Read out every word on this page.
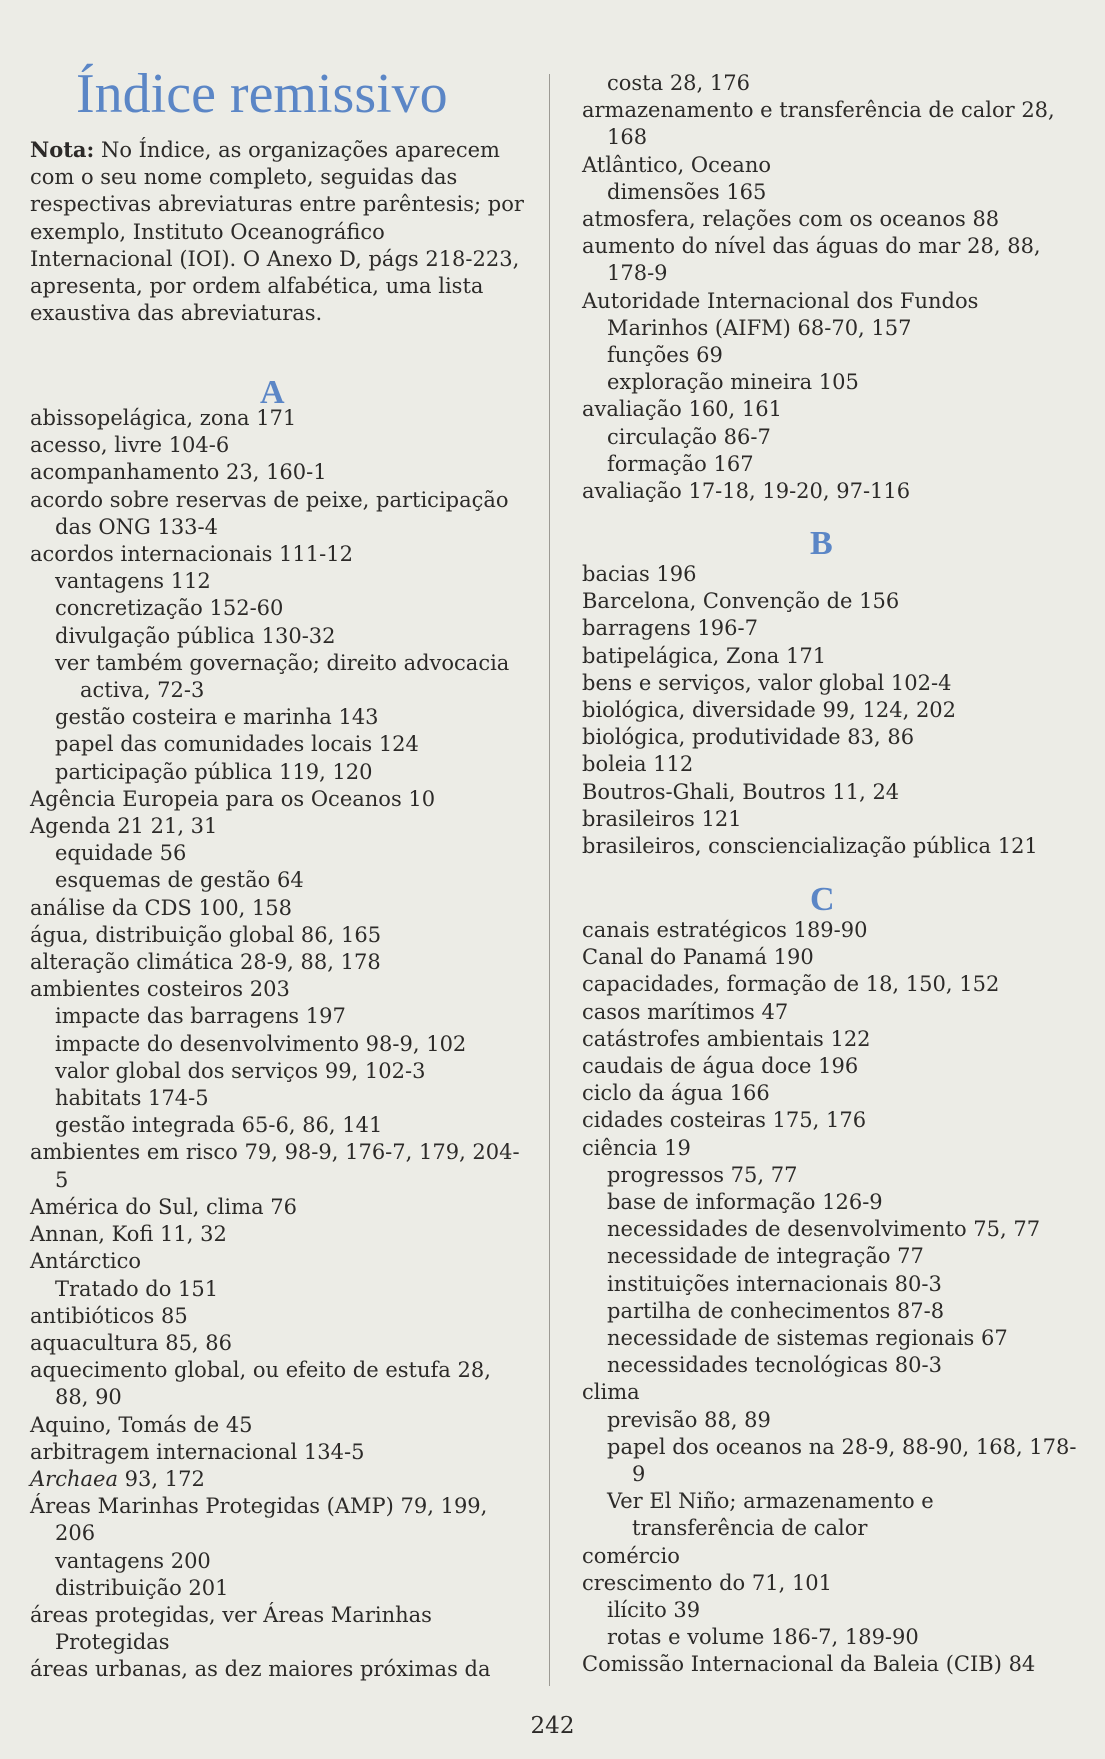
Índice remissivo
Nota: No Índice, as organizações aparecem com o seu nome completo, seguidas das respectivas abreviaturas entre parêntesis; por exemplo, Instituto Oceanográfico Internacional (IOI). O Anexo D, págs 218-223, apresenta, por ordem alfabética, uma lista exaustiva das abreviaturas.
A

abissopelágica, zona 171

acesso, livre 104-6

acompanhamento 23, 160-1

acordo sobre reservas de peixe, participação das ONG 133-4

acordos internacionais 111-12

vantagens 112

concretização 152-60

divulgação pública 130-32

ver também governação; direito advocacia activa, 72-3

gestão costeira e marinha 143

papel das comunidades locais 124

participação pública 119, 120

Agência Europeia para os Oceanos 10

Agenda 21 21, 31

equidade 56

esquemas de gestão 64

análise da CDS 100, 158

água, distribuição global 86, 165

alteração climática 28-9, 88, 178

ambientes costeiros 203

impacte das barragens 197

impacte do desenvolvimento 98-9, 102

valor global dos serviços 99, 102-3

habitats 174-5

gestão integrada 65-6, 86, 141

ambientes em risco 79, 98-9, 176-7, 179, 204-5

América do Sul, clima 76

Annan, Kofi 11, 32

Antárctico

Tratado do 151

antibióticos 85

aquacultura 85, 86

aquecimento global, ou efeito de estufa 28, 88, 90

Aquino, Tomás de 45

arbitragem internacional 134-5

Archaea 93, 172

Áreas Marinhas Protegidas (AMP) 79, 199, 206

vantagens 200

distribuição 201

áreas protegidas, ver Áreas Marinhas Protegidas

áreas urbanas, as dez maiores próximas da

costa 28, 176

armazenamento e transferência de calor 28, 168

Atlântico, Oceano

dimensões 165

atmosfera, relações com os oceanos 88

aumento do nível das águas do mar 28, 88, 178-9

Autoridade Internacional dos Fundos Marinhos (AIFM) 68-70, 157

funções 69

exploração mineira 105

avaliação 160, 161

circulação 86-7

formação 167

avaliação 17-18, 19-20, 97-116

B

bacias 196

Barcelona, Convenção de 156

barragens 196-7

batipelágica, Zona 171

bens e serviços, valor global 102-4

biológica, diversidade 99, 124, 202

biológica, produtividade 83, 86

boleia 112

Boutros-Ghali, Boutros 11, 24

brasileiros 121

brasileiros, consciencialização pública 121

C

canais estratégicos 189-90

Canal do Panamá 190

capacidades, formação de 18, 150, 152

casos marítimos 47

catástrofes ambientais 122

caudais de água doce 196

ciclo da água 166

cidades costeiras 175, 176

ciência 19

progressos 75, 77

base de informação 126-9

necessidades de desenvolvimento 75, 77

necessidade de integração 77

instituições internacionais 80-3

partilha de conhecimentos 87-8

necessidade de sistemas regionais 67

necessidades tecnológicas 80-3

clima

previsão 88, 89

papel dos oceanos na 28-9, 88-90, 168, 178-9

Ver El Niño; armazenamento e transferência de calor

comércio

crescimento do 71, 101

ilícito 39

rotas e volume 186-7, 189-90

Comissão Internacional da Baleia (CIB) 84

242
